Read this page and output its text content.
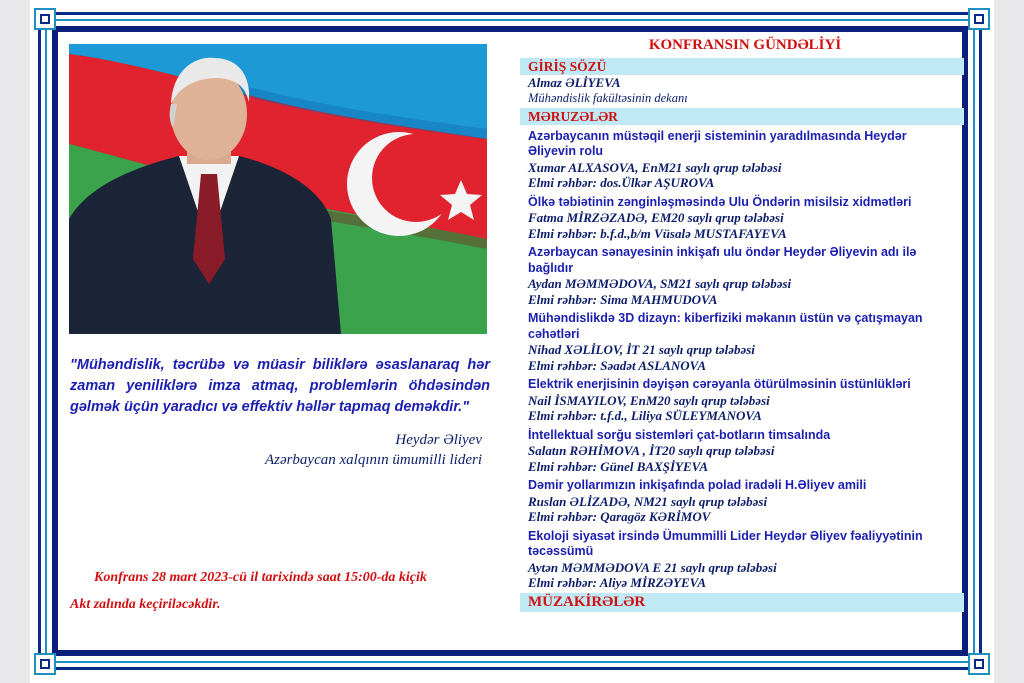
"Mühəndislik, təcrübə və müasir biliklərə əsaslanaraq hər zaman yeniliklərə imza atmaq, problemlərin öhdəsindən gəlmək üçün yaradıcı və effektiv həllər tapmaq deməkdir."
Heydər Əliyev
Azərbaycan xalqının ümumilli lideri
Konfrans 28 mart 2023-cü il tarixində saat 15:00-da kiçik
Akt zalında keçiriləcəkdir.
KONFRANSIN GÜNDƏLİYİ
GİRİŞ SÖZÜ
Almaz ƏLİYEVA
Mühəndislik fakültəsinin dekanı
MƏRUZƏLƏR
Azərbaycanın müstəqil enerji sisteminin yaradılmasında Heydər
Əliyevin rolu
Xumar ALXASOVA, EnM21 saylı qrup tələbəsi
Elmi rəhbər: dos.Ülkər AŞUROVA
Ölkə təbiətinin zənginləşməsində Ulu Öndərin misilsiz xidmətləri
Fatma MİRZƏZADƏ, EM20 saylı qrup tələbəsi
Elmi rəhbər: b.f.d.,b/m Vüsalə MUSTAFAYEVA
Azərbaycan sənayesinin inkişafı ulu öndər Heydər Əliyevin adı ilə
bağlıdır
Aydan MƏMMƏDOVA, SM21 saylı qrup tələbəsi
Elmi rəhbər: Sima MAHMUDOVA
Mühəndislikdə 3D dizayn: kiberfiziki məkanın üstün və çatışmayan
cəhətləri
Nihad XƏLİLOV, İT 21 saylı qrup tələbəsi
Elmi rəhbər: Səadət ASLANOVA
Elektrik enerjisinin dəyişən cərəyanla ötürülməsinin üstünlükləri
Nail İSMAYILOV, EnM20 saylı qrup tələbəsi
Elmi rəhbər: t.f.d., Liliya SÜLEYMANOVA
İntellektual sorğu sistemləri çat-botların timsalında
Salatın RƏHİMOVA , İT20 saylı qrup tələbəsi
Elmi rəhbər: Günel BAXŞİYEVA
Dəmir yollarımızın inkişafında polad iradəli H.Əliyev amili
Ruslan ƏLİZADƏ, NM21 saylı qrup tələbəsi
Elmi rəhbər: Qaragöz KƏRİMOV
Ekoloji siyasət irsində Ümummilli Lider Heydər Əliyev fəaliyyətinin
təcəssümü
Aytən MƏMMƏDOVA E 21 saylı qrup tələbəsi
Elmi rəhbər: Aliyə MİRZƏYEVA
MÜZAKİRƏLƏR
